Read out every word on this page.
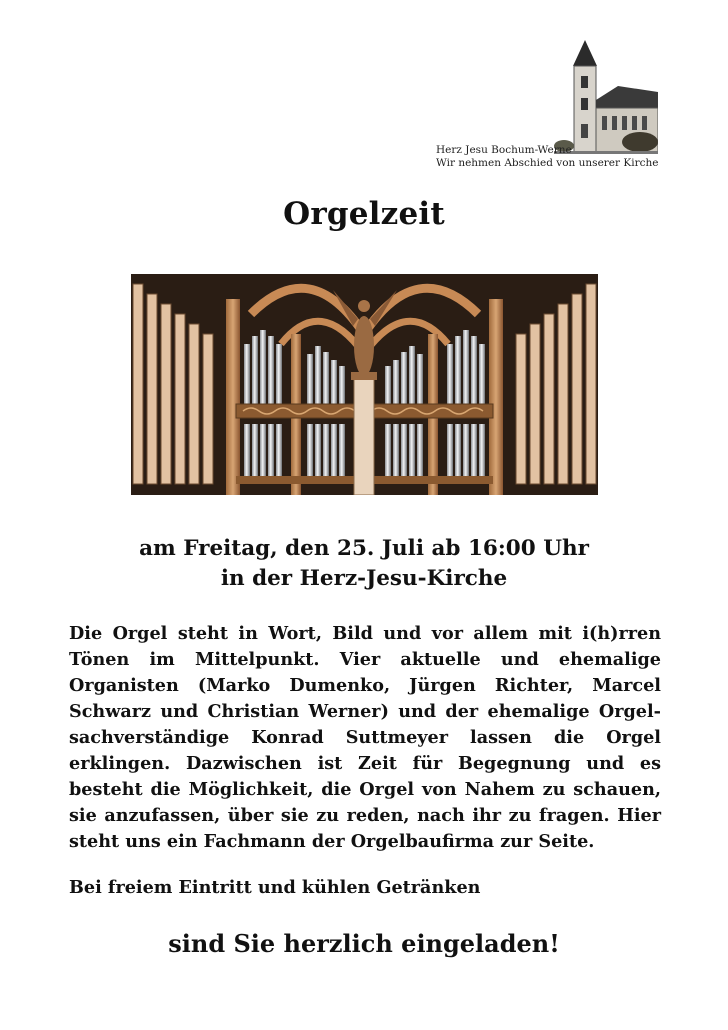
Herz Jesu Bochum-Werne
Wir nehmen Abschied von unserer Kirche
Orgelzeit
am Freitag, den 25. Juli ab 16:00 Uhr
in der Herz-Jesu-Kirche
Die Orgel steht in Wort, Bild und vor allem mit i(h)rren Tönen im Mittelpunkt. Vier aktuelle und ehemalige Organisten (Marko Dumenko, Jürgen Richter, Marcel Schwarz und Christian Werner) und der ehemalige Orgel- sachverständige Konrad Suttmeyer lassen die Orgel erklingen. Dazwischen ist Zeit für Begegnung und es besteht die Möglichkeit, die Orgel von Nahem zu schauen, sie anzufassen, über sie zu reden, nach ihr zu fragen. Hier steht uns ein Fachmann der Orgelbaufirma zur Seite.
Bei freiem Eintritt und kühlen Getränken
sind Sie herzlich eingeladen!
